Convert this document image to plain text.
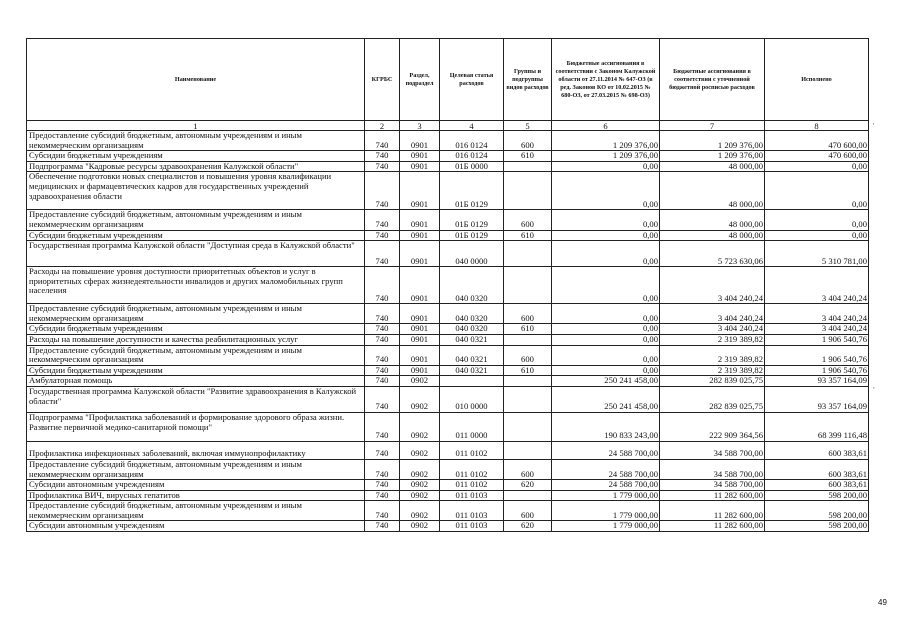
Наименование	КГРБС	Раздел, подраздел	Целевая статья расходов	Группы и подгруппы видов расходов	Бюджетные ассигнования в соответствии с Законом Калужской области от 27.11.2014 № 647-ОЗ (в ред. Законов КО от 10.02.2015 № 680-ОЗ, от 27.03.2015 № 698-ОЗ)	Бюджетные ассигнования в соответствии с уточненной бюджетной росписью расходов	Исполнено
1	2	3	4	5	6	7	8
Предоставление субсидий бюджетным, автономным учреждениям и иным некоммерческим организациям	740	0901	016 0124	600	1 209 376,00	1 209 376,00	470 600,00
Субсидии бюджетным учреждениям	740	0901	016 0124	610	1 209 376,00	1 209 376,00	470 600,00
Подпрограмма "Кадровые ресурсы здравоохранения Калужской области"	740	0901	01Б 0000		0,00	48 000,00	0,00
Обеспечение подготовки новых специалистов и повышения уровня квалификации медицинских и фармацевтических кадров для государственных учреждений здравоохранения области	740	0901	01Б 0129		0,00	48 000,00	0,00
Предоставление субсидий бюджетным, автономным учреждениям и иным некоммерческим организациям	740	0901	01Б 0129	600	0,00	48 000,00	0,00
Субсидии бюджетным учреждениям	740	0901	01Б 0129	610	0,00	48 000,00	0,00
Государственная программа Калужской области "Доступная среда в Калужской области"	740	0901	040 0000		0,00	5 723 630,06	5 310 781,00
Расходы на повышение уровня доступности приоритетных объектов и услуг в приоритетных сферах жизнедеятельности инвалидов и других маломобильных групп населения	740	0901	040 0320		0,00	3 404 240,24	3 404 240,24
Предоставление субсидий бюджетным, автономным учреждениям и иным некоммерческим организациям	740	0901	040 0320	600	0,00	3 404 240,24	3 404 240,24
Субсидии бюджетным учреждениям	740	0901	040 0320	610	0,00	3 404 240,24	3 404 240,24
Расходы на повышение доступности и качества реабилитационных услуг	740	0901	040 0321		0,00	2 319 389,82	1 906 540,76
Предоставление субсидий бюджетным, автономным учреждениям и иным некоммерческим организациям	740	0901	040 0321	600	0,00	2 319 389,82	1 906 540,76
Субсидии бюджетным учреждениям	740	0901	040 0321	610	0,00	2 319 389,82	1 906 540,76
Амбулаторная помощь	740	0902			250 241 458,00	282 839 025,75	93 357 164,09
Государственная программа Калужской области "Развитие здравоохранения в Калужской области"	740	0902	010 0000		250 241 458,00	282 839 025,75	93 357 164,09
Подпрограмма "Профилактика заболеваний и формирование здорового образа жизни. Развитие первичной медико-санитарной помощи"	740	0902	011 0000		190 833 243,00	222 909 364,56	68 399 116,48
Профилактика инфекционных заболеваний, включая иммунопрофилактику	740	0902	011 0102		24 588 700,00	34 588 700,00	600 383,61
Предоставление субсидий бюджетным, автономным учреждениям и иным некоммерческим организациям	740	0902	011 0102	600	24 588 700,00	34 588 700,00	600 383,61
Субсидии автономным учреждениям	740	0902	011 0102	620	24 588 700,00	34 588 700,00	600 383,61
Профилактика ВИЧ, вирусных гепатитов	740	0902	011 0103		1 779 000,00	11 282 600,00	598 200,00
Предоставление субсидий бюджетным, автономным учреждениям и иным некоммерческим организациям	740	0902	011 0103	600	1 779 000,00	11 282 600,00	598 200,00
Субсидии автономным учреждениям	740	0902	011 0103	620	1 779 000,00	11 282 600,00	598 200,00
'
,
49
